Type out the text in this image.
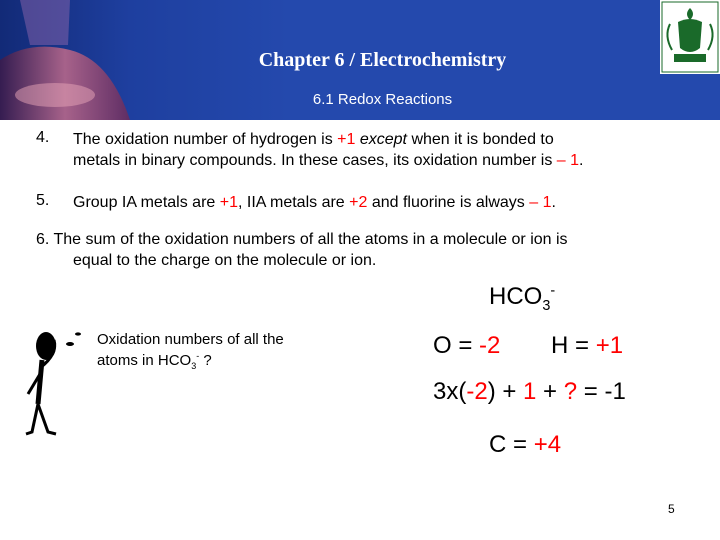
Chapter 6 / Electrochemistry
6.1 Redox Reactions
4. The oxidation number of hydrogen is +1 except when it is bonded to
metals in binary compounds. In these cases, its oxidation number is – 1.
5. Group IA metals are +1, IIA metals are +2 and fluorine is always – 1.
6. The sum of the oxidation numbers of all the atoms in a molecule or ion is
equal to the charge on the molecule or ion.
$HCO_3^-$
Oxidation numbers of all the
atoms in $HCO_3^-$ ?
O = -2 H = +1
3x(-2) + 1 + ? = -1
C = +4
5
